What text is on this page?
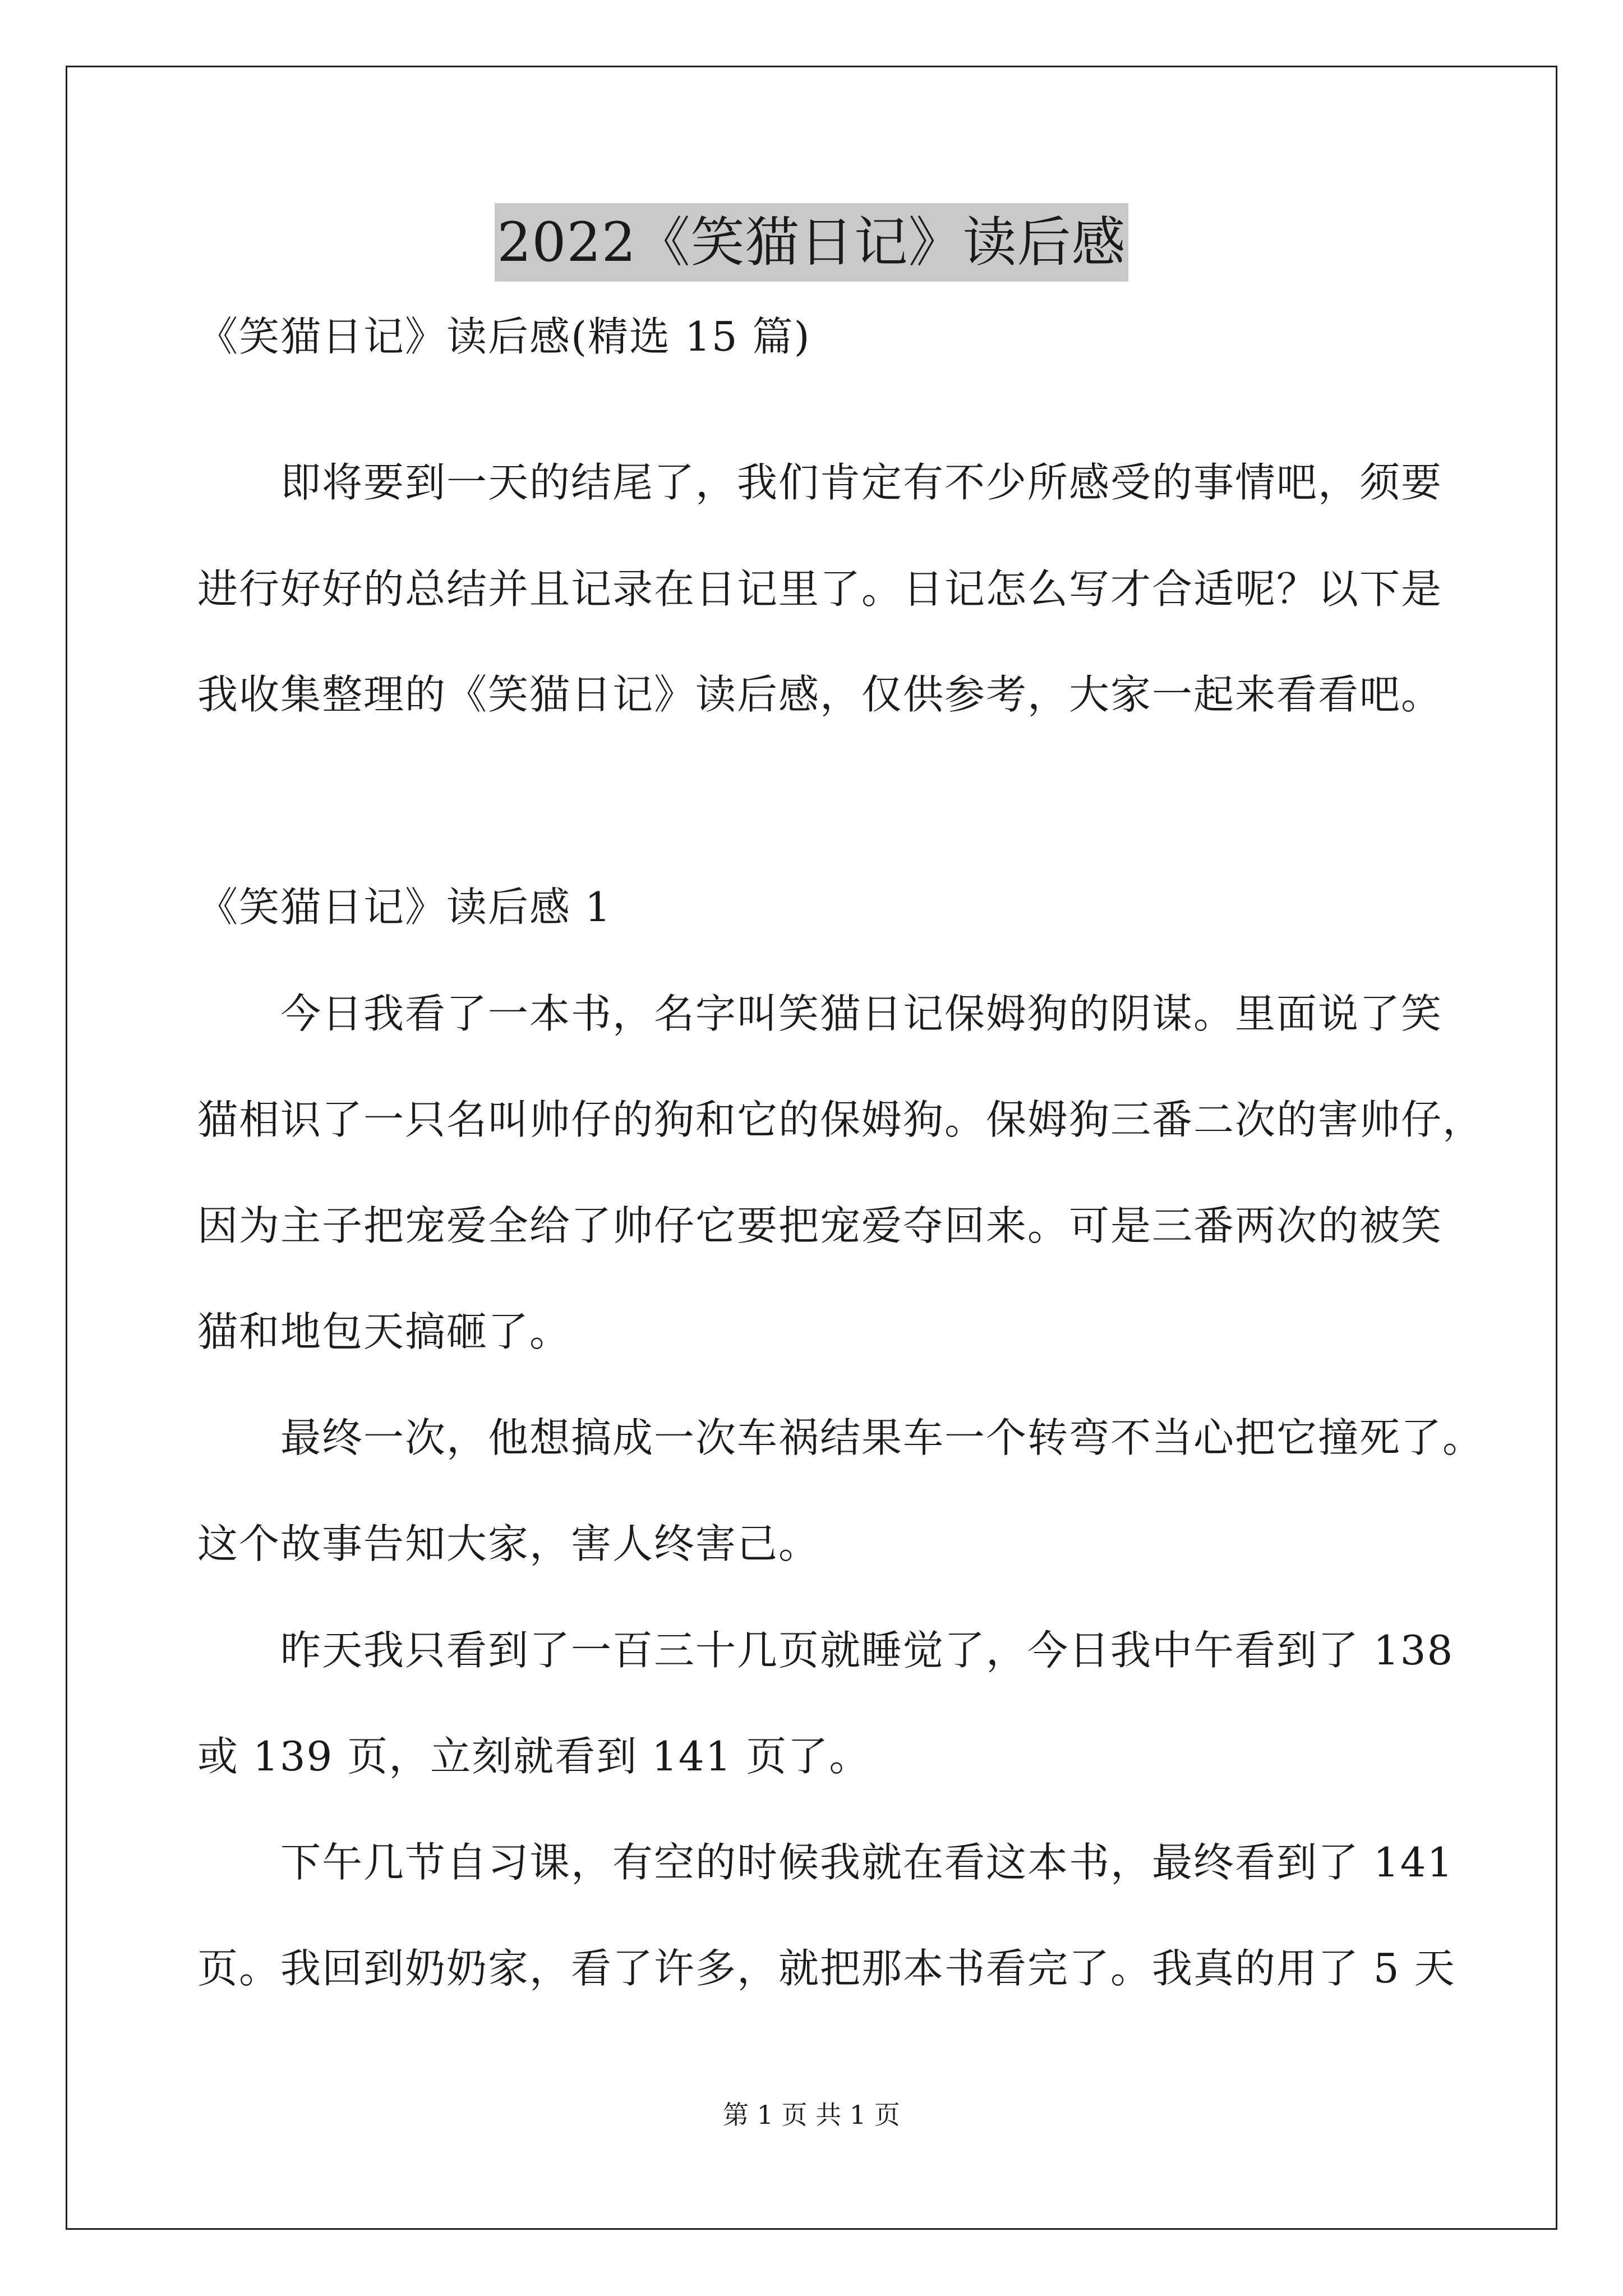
2022《笑猫日记》读后感
《笑猫日记》读后感(精选 15 篇)
即将要到一天的结尾了，我们肯定有不少所感受的事情吧，须要
进行好好的总结并且记录在日记里了。日记怎么写才合适呢？以下是
我收集整理的《笑猫日记》读后感，仅供参考，大家一起来看看吧。
《笑猫日记》读后感 1
今日我看了一本书，名字叫笑猫日记保姆狗的阴谋。里面说了笑
猫相识了一只名叫帅仔的狗和它的保姆狗。保姆狗三番二次的害帅仔，
因为主子把宠爱全给了帅仔它要把宠爱夺回来。可是三番两次的被笑
猫和地包天搞砸了。
最终一次，他想搞成一次车祸结果车一个转弯不当心把它撞死了。
这个故事告知大家，害人终害己。
昨天我只看到了一百三十几页就睡觉了，今日我中午看到了 138
或 139 页，立刻就看到 141 页了。
下午几节自习课，有空的时候我就在看这本书，最终看到了 141
页。我回到奶奶家，看了许多，就把那本书看完了。我真的用了 5 天
第 1 页 共 1 页
